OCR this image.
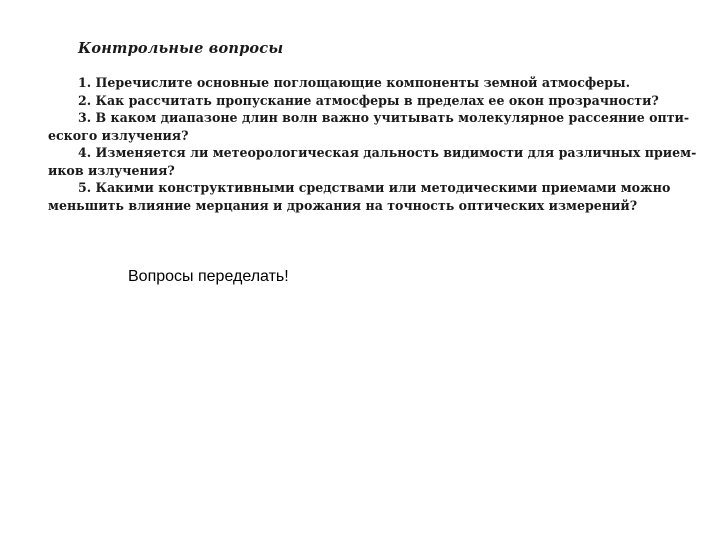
Контрольные вопросы

1. Перечислите основные поглощающие компоненты земной атмосферы.

2. Как рассчитать пропускание атмосферы в пределах ее окон прозрачности?

3. В каком диапазоне длин волн важно учитывать молекулярное рассеяние опти-
еского излучения?

4. Изменяется ли метеорологическая дальность видимости для различных прием-
иков излучения?

5. Какими конструктивными средствами или методическими приемами можно
меньшить влияние мерцания и дрожания на точность оптических измерений?

Вопросы переделать!
